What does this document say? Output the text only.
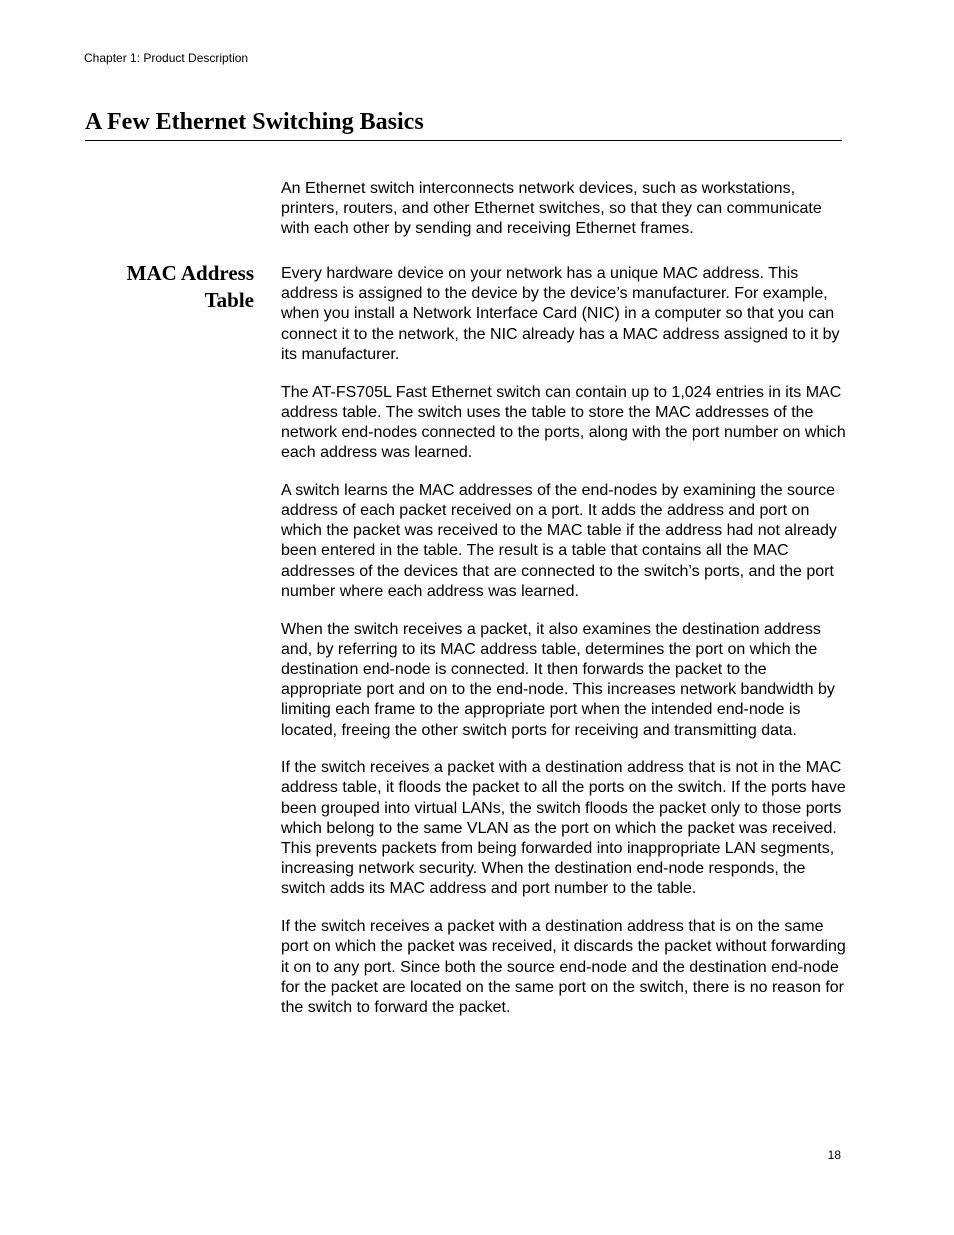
Chapter 1: Product Description
A Few Ethernet Switching Basics

An Ethernet switch interconnects network devices, such as workstations, printers, routers, and other Ethernet switches, so that they can communicate with each other by sending and receiving Ethernet frames.

MAC Address
Table

Every hardware device on your network has a unique MAC address. This address is assigned to the device by the device’s manufacturer. For example, when you install a Network Interface Card (NIC) in a computer so that you can connect it to the network, the NIC already has a MAC address assigned to it by its manufacturer.

The AT-FS705L Fast Ethernet switch can contain up to 1,024 entries in its MAC address table. The switch uses the table to store the MAC addresses of the network end-nodes connected to the ports, along with the port number on which each address was learned.

A switch learns the MAC addresses of the end-nodes by examining the source address of each packet received on a port. It adds the address and port on which the packet was received to the MAC table if the address had not already been entered in the table. The result is a table that contains all the MAC addresses of the devices that are connected to the switch’s ports, and the port number where each address was learned.

When the switch receives a packet, it also examines the destination address and, by referring to its MAC address table, determines the port on which the destination end-node is connected. It then forwards the packet to the appropriate port and on to the end-node. This increases network bandwidth by limiting each frame to the appropriate port when the intended end-node is located, freeing the other switch ports for receiving and transmitting data.

If the switch receives a packet with a destination address that is not in the MAC address table, it floods the packet to all the ports on the switch. If the ports have been grouped into virtual LANs, the switch floods the packet only to those ports which belong to the same VLAN as the port on which the packet was received. This prevents packets from being forwarded into inappropriate LAN segments, increasing network security. When the destination end-node responds, the switch adds its MAC address and port number to the table.

If the switch receives a packet with a destination address that is on the same port on which the packet was received, it discards the packet without forwarding it on to any port. Since both the source end-node and the destination end-node for the packet are located on the same port on the switch, there is no reason for the switch to forward the packet.

18
